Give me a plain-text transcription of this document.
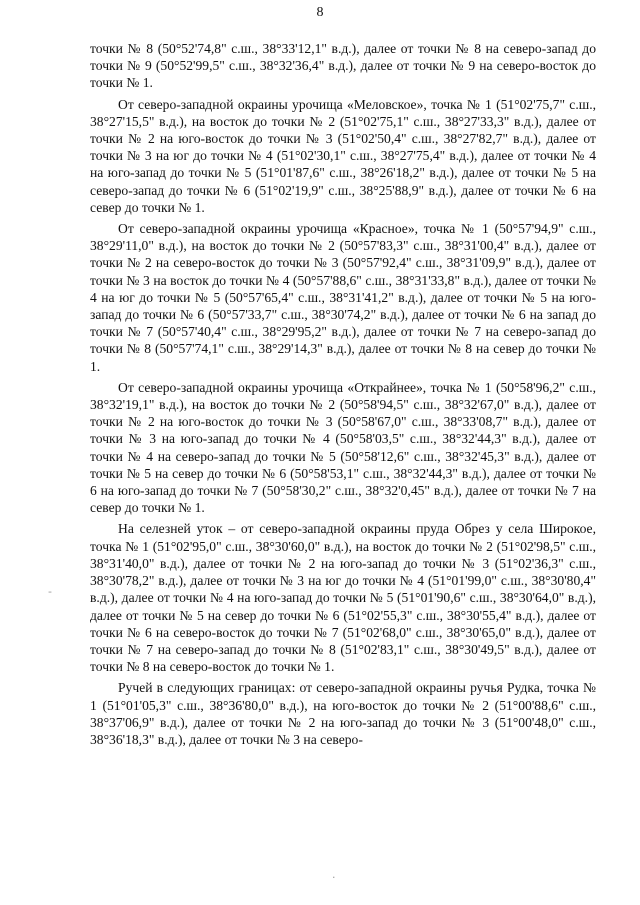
8

точки № 8 (50°52'74,8" с.ш., 38°33'12,1" в.д.), далее от точки № 8 на северо-запад до точки № 9 (50°52'99,5" с.ш., 38°32'36,4" в.д.), далее от точки № 9 на северо-восток до точки № 1.

От северо-западной окраины урочища «Меловское», точка № 1 (51°02'75,7" с.ш., 38°27'15,5" в.д.), на восток до точки № 2 (51°02'75,1" с.ш., 38°27'33,3" в.д.), далее от точки № 2 на юго-восток до точки № 3 (51°02'50,4" с.ш., 38°27'82,7" в.д.), далее от точки № 3 на юг до точки № 4 (51°02'30,1" с.ш., 38°27'75,4" в.д.), далее от точки № 4 на юго-запад до точки № 5 (51°01'87,6" с.ш., 38°26'18,2" в.д.), далее от точки № 5 на северо-запад до точки № 6 (51°02'19,9" с.ш., 38°25'88,9" в.д.), далее от точки № 6 на север до точки № 1.

От северо-западной окраины урочища «Красное», точка № 1 (50°57'94,9" с.ш., 38°29'11,0" в.д.), на восток до точки № 2 (50°57'83,3" с.ш., 38°31'00,4" в.д.), далее от точки № 2 на северо-восток до точки № 3 (50°57'92,4" с.ш., 38°31'09,9" в.д.), далее от точки № 3 на восток до точки № 4 (50°57'88,6" с.ш., 38°31'33,8" в.д.), далее от точки № 4 на юг до точки № 5 (50°57'65,4" с.ш., 38°31'41,2" в.д.), далее от точки № 5 на юго-запад до точки № 6 (50°57'33,7" с.ш., 38°30'74,2" в.д.), далее от точки № 6 на запад до точки № 7 (50°57'40,4" с.ш., 38°29'95,2" в.д.), далее от точки № 7 на северо-запад до точки № 8 (50°57'74,1" с.ш., 38°29'14,3" в.д.), далее от точки № 8 на север до точки № 1.

От северо-западной окраины урочища «Открайнее», точка № 1 (50°58'96,2" с.ш., 38°32'19,1" в.д.), на восток до точки № 2 (50°58'94,5" с.ш., 38°32'67,0" в.д.), далее от точки № 2 на юго-восток до точки № 3 (50°58'67,0" с.ш., 38°33'08,7" в.д.), далее от точки № 3 на юго-запад до точки № 4 (50°58'03,5" с.ш., 38°32'44,3" в.д.), далее от точки № 4 на северо-запад до точки № 5 (50°58'12,6" с.ш., 38°32'45,3" в.д.), далее от точки № 5 на север до точки № 6 (50°58'53,1" с.ш., 38°32'44,3" в.д.), далее от точки № 6 на юго-запад до точки № 7 (50°58'30,2" с.ш., 38°32'0,45" в.д.), далее от точки № 7 на север до точки № 1.

На селезней уток – от северо-западной окраины пруда Обрез у села Широкое, точка № 1 (51°02'95,0" с.ш., 38°30'60,0" в.д.), на восток до точки № 2 (51°02'98,5" с.ш., 38°31'40,0" в.д.), далее от точки № 2 на юго-запад до точки № 3 (51°02'36,3" с.ш., 38°30'78,2" в.д.), далее от точки № 3 на юг до точки № 4 (51°01'99,0" с.ш., 38°30'80,4" в.д.), далее от точки № 4 на юго-запад до точки № 5 (51°01'90,6" с.ш., 38°30'64,0" в.д.), далее от точки № 5 на север до точки № 6 (51°02'55,3" с.ш., 38°30'55,4" в.д.), далее от точки № 6 на северо-восток до точки № 7 (51°02'68,0" с.ш., 38°30'65,0" в.д.), далее от точки № 7 на северо-запад до точки № 8 (51°02'83,1" с.ш., 38°30'49,5" в.д.), далее от точки № 8 на северо-восток до точки № 1.

Ручей в следующих границах: от северо-западной окраины ручья Рудка, точка № 1 (51°01'05,3" с.ш., 38°36'80,0" в.д.), на юго-восток до точки № 2 (51°00'88,6" с.ш., 38°37'06,9" в.д.), далее от точки № 2 на юго-запад до точки № 3 (51°00'48,0" с.ш., 38°36'18,3" в.д.), далее от точки № 3 на северо-

-
·
